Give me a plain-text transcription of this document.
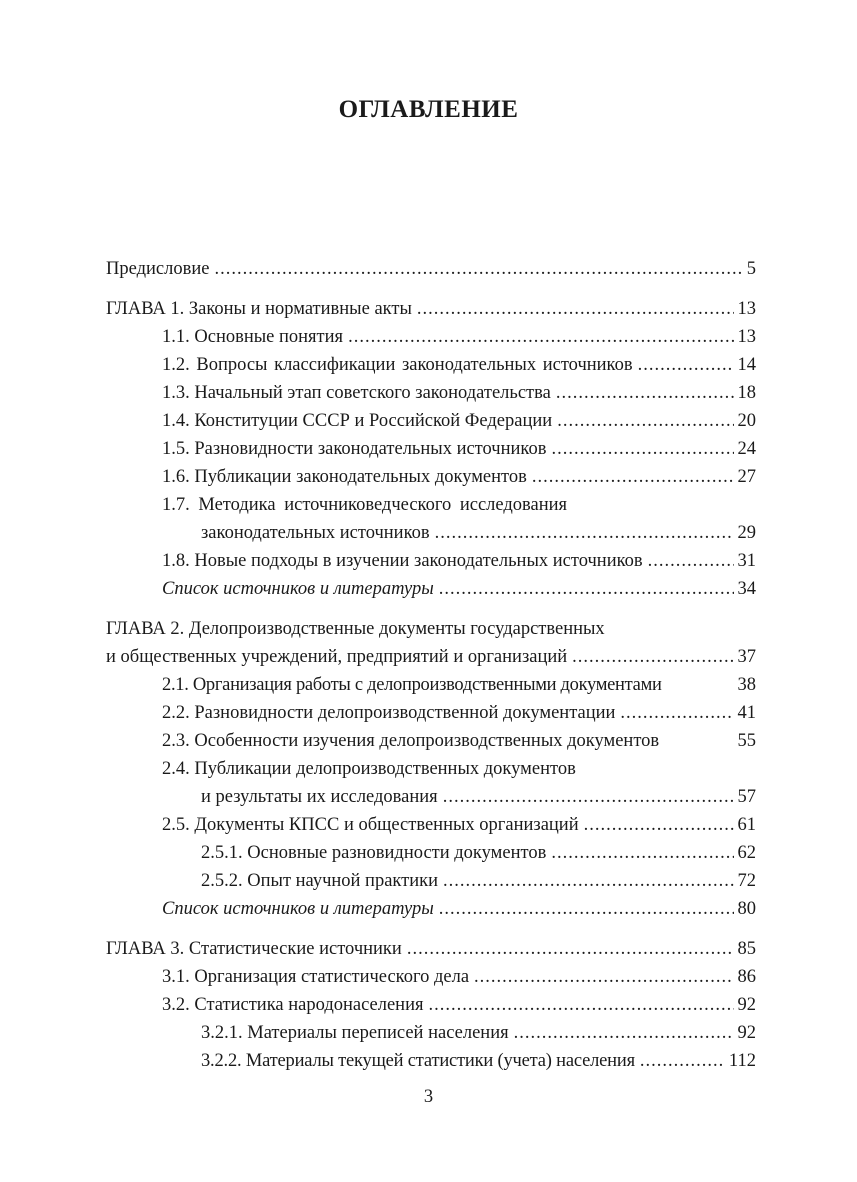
ОГЛАВЛЕНИЕ
Предисловие .....	5
ГЛАВА 1. Законы и нормативные акты .....	13
1.1. Основные понятия .....	13
1.2. Вопросы классификации законодательных источников .....	14
1.3. Начальный этап советского законодательства .....	18
1.4. Конституции СССР и Российской Федерации .....	20
1.5. Разновидности законодательных источников .....	24
1.6. Публикации законодательных документов .....	27
1.7. Методика источниковедческого исследования
законодательных источников .....	29
1.8. Новые подходы в изучении законодательных источников .....	31
Список источников и литературы .....	34
ГЛАВА 2. Делопроизводственные документы государственных
и общественных учреждений, предприятий и организаций .....	37
2.1. Организация работы с делопроизводственными документами	38
2.2. Разновидности делопроизводственной документации .....	41
2.3. Особенности изучения делопроизводственных документов	55
2.4. Публикации делопроизводственных документов
и результаты их исследования .....	57
2.5. Документы КПСС и общественных организаций .....	61
2.5.1. Основные разновидности документов .....	62
2.5.2. Опыт научной практики .....	72
Список источников и литературы .....	80
ГЛАВА 3. Статистические источники .....	85
3.1. Организация статистического дела .....	86
3.2. Статистика народонаселения .....	92
3.2.1. Материалы переписей населения .....	92
3.2.2. Материалы текущей статистики (учета) населения .....	112
3
